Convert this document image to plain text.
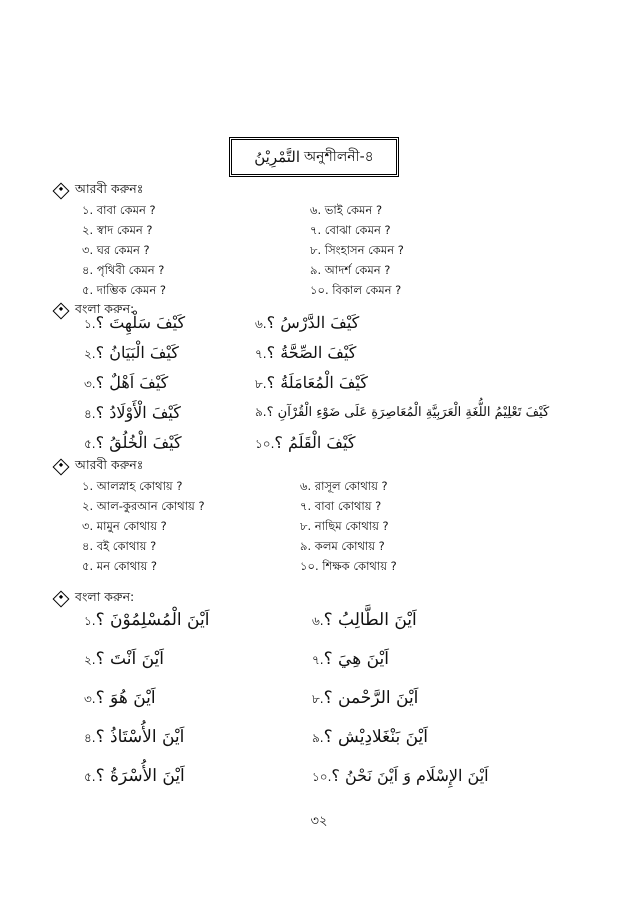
التَّمْرِيْنُ অনুশীলনী-৪
আরবী করুনঃ
১. বাবা কেমন ?
২. স্বাদ কেমন ?
৩. ঘর কেমন ?
৪. পৃথিবী কেমন ?
৫. দাম্ভিক কেমন ?
৬. ভাই কেমন ?
৭. বোঝা কেমন ?
৮. সিংহাসন কেমন ?
৯. আদর্শ কেমন ?
১০. বিকাল কেমন ?
বংলা করুন:
১.كَيْفَ سَلْهِتَ ؟
২.كَيْفَ الْبَيَانُ ؟
৩.كَيْفَ اَهْلٌ ؟
৪.كَيْفَ الْأَوْلَادُ ؟
৫.كَيْفَ الْخُلُقُ ؟
৬.كَيْفَ الدَّرْسُ ؟
৭.كَيْفَ الصِّحَّةُ ؟
৮.كَيْفَ الْمُعَامَلَةُ ؟
৯.كَيْفَ تَعْلِيْمُ اللُّغَةِ الْعَرَبِيَّةِ الْمُعَاصِرَةِ عَلَى ضَوْءِ الْقُرْآنِ ؟
১০.كَيْفَ الْقَلَمُ ؟
আরবী করুনঃ
১. আলস্নাহ কোথায় ?
২. আল-কুরআন কোথায় ?
৩. মামুন কোথায় ?
৪. বই কোথায় ?
৫. মন কোথায় ?
৬. রাসূল কোথায় ?
৭. বাবা কোথায় ?
৮. নাছিম কোথায় ?
৯. কলম কোথায় ?
১০. শিক্ষক কোথায় ?
বংলা করুন:
১.اَيْنَ الْمُسْلِمُوْنَ ؟
২.اَيْنَ اَنْتَ ؟
৩.اَيْنَ هُوَ ؟
৪.اَيْنَ الأُسْتَاذُ ؟
৫.اَيْنَ الأُسْرَةُ ؟
৬.اَيْنَ الطَّالِبُ ؟
৭.اَيْنَ هِيَ ؟
৮.اَيْنَ الرَّحْمن ؟
৯.اَيْنَ بَنْغَلادِيْش ؟
১০.اَيْنَ الإِسْلَام وَ اَيْنَ نَحْنُ ؟
৩২
